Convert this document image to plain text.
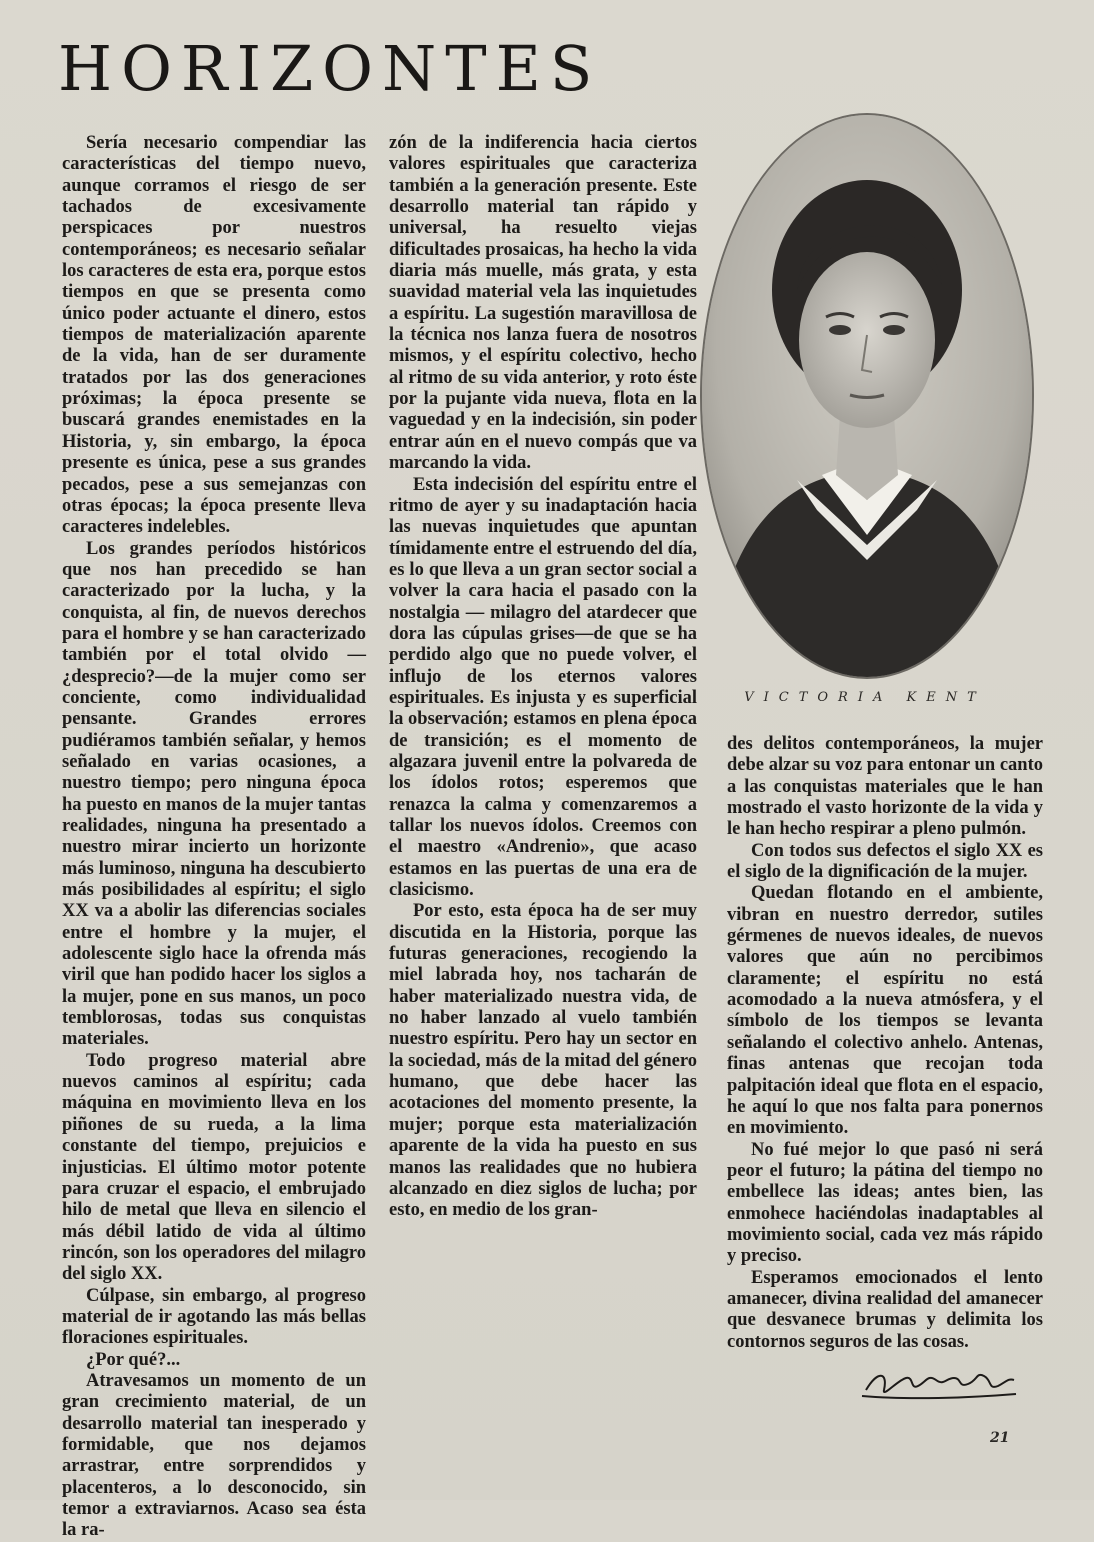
HORIZONTES

Sería necesario compendiar las características del tiempo nuevo, aunque corramos el riesgo de ser tachados de excesivamente perspicaces por nuestros contemporáneos; es necesario señalar los caracteres de esta era, porque estos tiempos en que se presenta como único poder actuante el dinero, estos tiempos de materialización aparente de la vida, han de ser duramente tratados por las dos generaciones próximas; la época presente se buscará grandes enemistades en la Historia, y, sin embargo, la época presente es única, pese a sus grandes pecados, pese a sus semejanzas con otras épocas; la época presente lleva caracteres indelebles.

Los grandes períodos históricos que nos han precedido se han caracterizado por la lucha, y la conquista, al fin, de nuevos derechos para el hombre y se han caracterizado también por el total olvido —¿desprecio?—de la mujer como ser conciente, como individualidad pensante. Grandes errores pudiéramos también señalar, y hemos señalado en varias ocasiones, a nuestro tiempo; pero ninguna época ha puesto en manos de la mujer tantas realidades, ninguna ha presentado a nuestro mirar incierto un horizonte más luminoso, ninguna ha descubierto más posibilidades al espíritu; el siglo XX va a abolir las diferencias sociales entre el hombre y la mujer, el adolescente siglo hace la ofrenda más viril que han podido hacer los siglos a la mujer, pone en sus manos, un poco temblorosas, todas sus conquistas materiales.

Todo progreso material abre nuevos caminos al espíritu; cada máquina en movimiento lleva en los piñones de su rueda, a la lima constante del tiempo, prejuicios e injusticias. El último motor potente para cruzar el espacio, el embrujado hilo de metal que lleva en silencio el más débil latido de vida al último rincón, son los operadores del milagro del siglo XX.

Cúlpase, sin embargo, al progreso material de ir agotando las más bellas floraciones espirituales.

¿Por qué?...

Atravesamos un momento de un gran crecimiento material, de un desarrollo material tan inesperado y formidable, que nos dejamos arrastrar, entre sorprendidos y placenteros, a lo desconocido, sin temor a extraviarnos. Acaso sea ésta la ra-

zón de la indiferencia hacia ciertos valores espirituales que caracteriza también a la generación presente. Este desarrollo material tan rápido y universal, ha resuelto viejas dificultades prosaicas, ha hecho la vida diaria más muelle, más grata, y esta suavidad material vela las inquietudes a espíritu. La sugestión maravillosa de la técnica nos lanza fuera de nosotros mismos, y el espíritu colectivo, hecho al ritmo de su vida anterior, y roto éste por la pujante vida nueva, flota en la vaguedad y en la indecisión, sin poder entrar aún en el nuevo compás que va marcando la vida.

Esta indecisión del espíritu entre el ritmo de ayer y su inadaptación hacia las nuevas inquietudes que apuntan tímidamente entre el estruendo del día, es lo que lleva a un gran sector social a volver la cara hacia el pasado con la nostalgia — milagro del atardecer que dora las cúpulas grises—de que se ha perdido algo que no puede volver, el influjo de los eternos valores espirituales. Es injusta y es superficial la observación; estamos en plena época de transición; es el momento de algazara juvenil entre la polvareda de los ídolos rotos; esperemos que renazca la calma y comenzaremos a tallar los nuevos ídolos. Creemos con el maestro «Andrenio», que acaso estamos en las puertas de una era de clasicismo.

Por esto, esta época ha de ser muy discutida en la Historia, porque las futuras generaciones, recogiendo la miel labrada hoy, nos tacharán de haber materializado nuestra vida, de no haber lanzado al vuelo también nuestro espíritu. Pero hay un sector en la sociedad, más de la mitad del género humano, que debe hacer las acotaciones del momento presente, la mujer; porque esta materialización aparente de la vida ha puesto en sus manos las realidades que no hubiera alcanzado en diez siglos de lucha; por esto, en medio de los gran-

VICTORIA KENT

des delitos contemporáneos, la mujer debe alzar su voz para entonar un canto a las conquistas materiales que le han mostrado el vasto horizonte de la vida y le han hecho respirar a pleno pulmón.

Con todos sus defectos el siglo XX es el siglo de la dignificación de la mujer.

Quedan flotando en el ambiente, vibran en nuestro derredor, sutiles gérmenes de nuevos ideales, de nuevos valores que aún no percibimos claramente; el espíritu no está acomodado a la nueva atmósfera, y el símbolo de los tiempos se levanta señalando el colectivo anhelo. Antenas, finas antenas que recojan toda palpitación ideal que flota en el espacio, he aquí lo que nos falta para ponernos en movimiento.

No fué mejor lo que pasó ni será peor el futuro; la pátina del tiempo no embellece las ideas; antes bien, las enmohece haciéndolas inadaptables al movimiento social, cada vez más rápido y preciso.

Esperamos emocionados el lento amanecer, divina realidad del amanecer que desvanece brumas y delimita los contornos seguros de las cosas.

21
